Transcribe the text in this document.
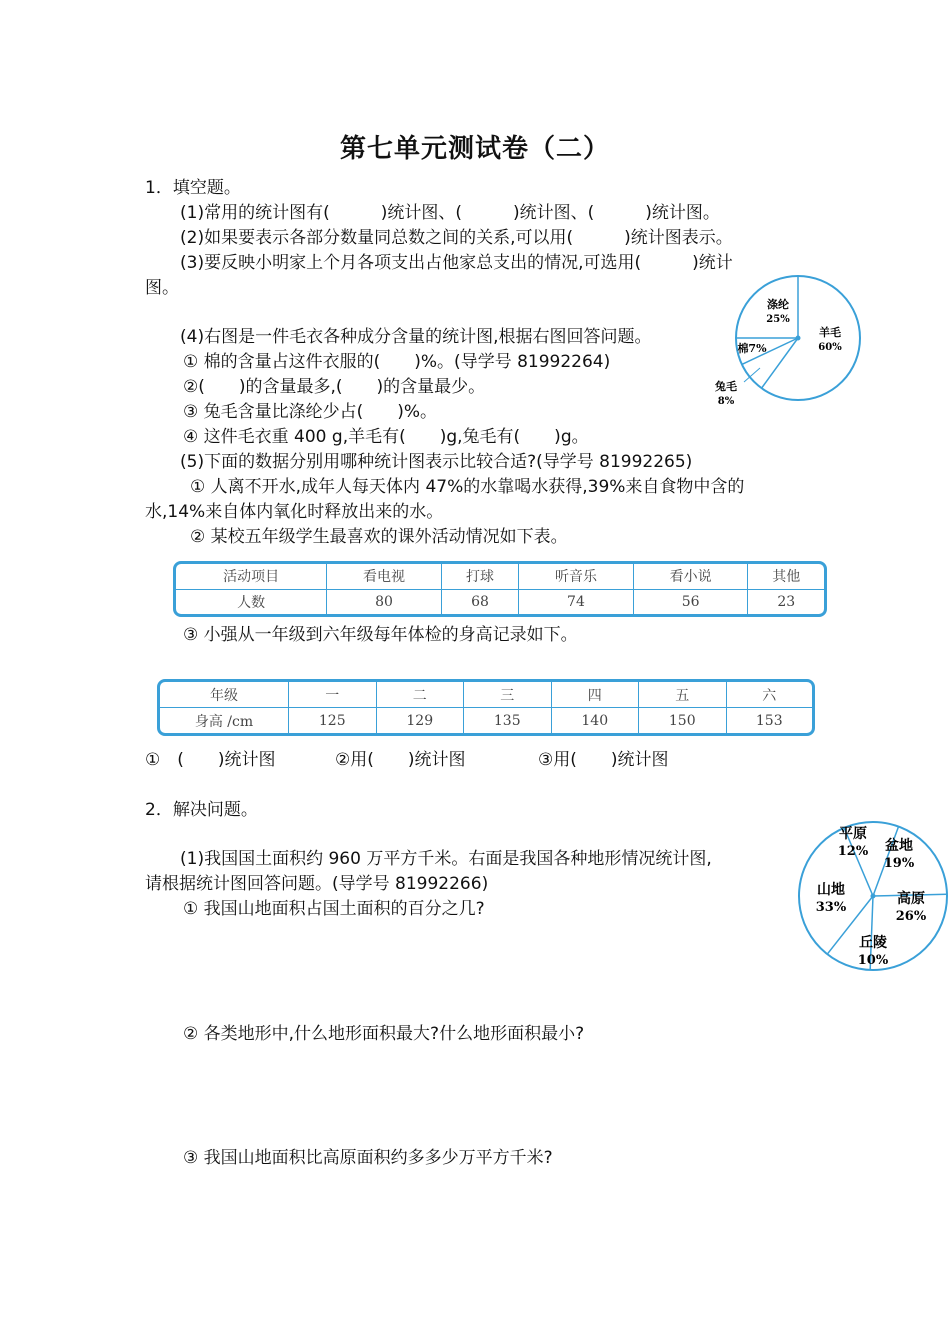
第七单元测试卷（二）
1．填空题。
(1)常用的统计图有(　　　)统计图、(　　　)统计图、(　　　)统计图。
(2)如果要表示各部分数量同总数之间的关系,可以用(　　　)统计图表示。
(3)要反映小明家上个月各项支出占他家总支出的情况,可选用(　　　)统计
图。
(4)右图是一件毛衣各种成分含量的统计图,根据右图回答问题。
① 棉的含量占这件衣服的(　　)%。(导学号 81992264)
②(　　)的含量最多,(　　)的含量最少。
③ 兔毛含量比涤纶少占(　　)%。
④ 这件毛衣重 400 g,羊毛有(　　)g,兔毛有(　　)g。
(5)下面的数据分别用哪种统计图表示比较合适?(导学号 81992265)
① 人离不开水,成年人每天体内 47%的水靠喝水获得,39%来自食物中含的
水,14%来自体内氧化时释放出来的水。
② 某校五年级学生最喜欢的课外活动情况如下表。
羊毛
60%
兔毛
8%
棉7%
涤纶
25%
活动项目	看电视	打球	听音乐	看小说	其他
人数	80	68	74	56	23
③ 小强从一年级到六年级每年体检的身高记录如下。
年级	一	二	三	四	五	六
身高 /cm	125	129	135	140	150	153
①　(　　)统计图	②用(　　)统计图	③用(　　)统计图
2．解决问题。
(1)我国国土面积约 960 万平方千米。右面是我国各种地形情况统计图,
请根据统计图回答问题。(导学号 81992266)
① 我国山地面积占国土面积的百分之几?
② 各类地形中,什么地形面积最大?什么地形面积最小?
③ 我国山地面积比高原面积约多多少万平方千米?
平原
12% 盆地
19%
高原
26%
丘陵
10%
山地
33%
